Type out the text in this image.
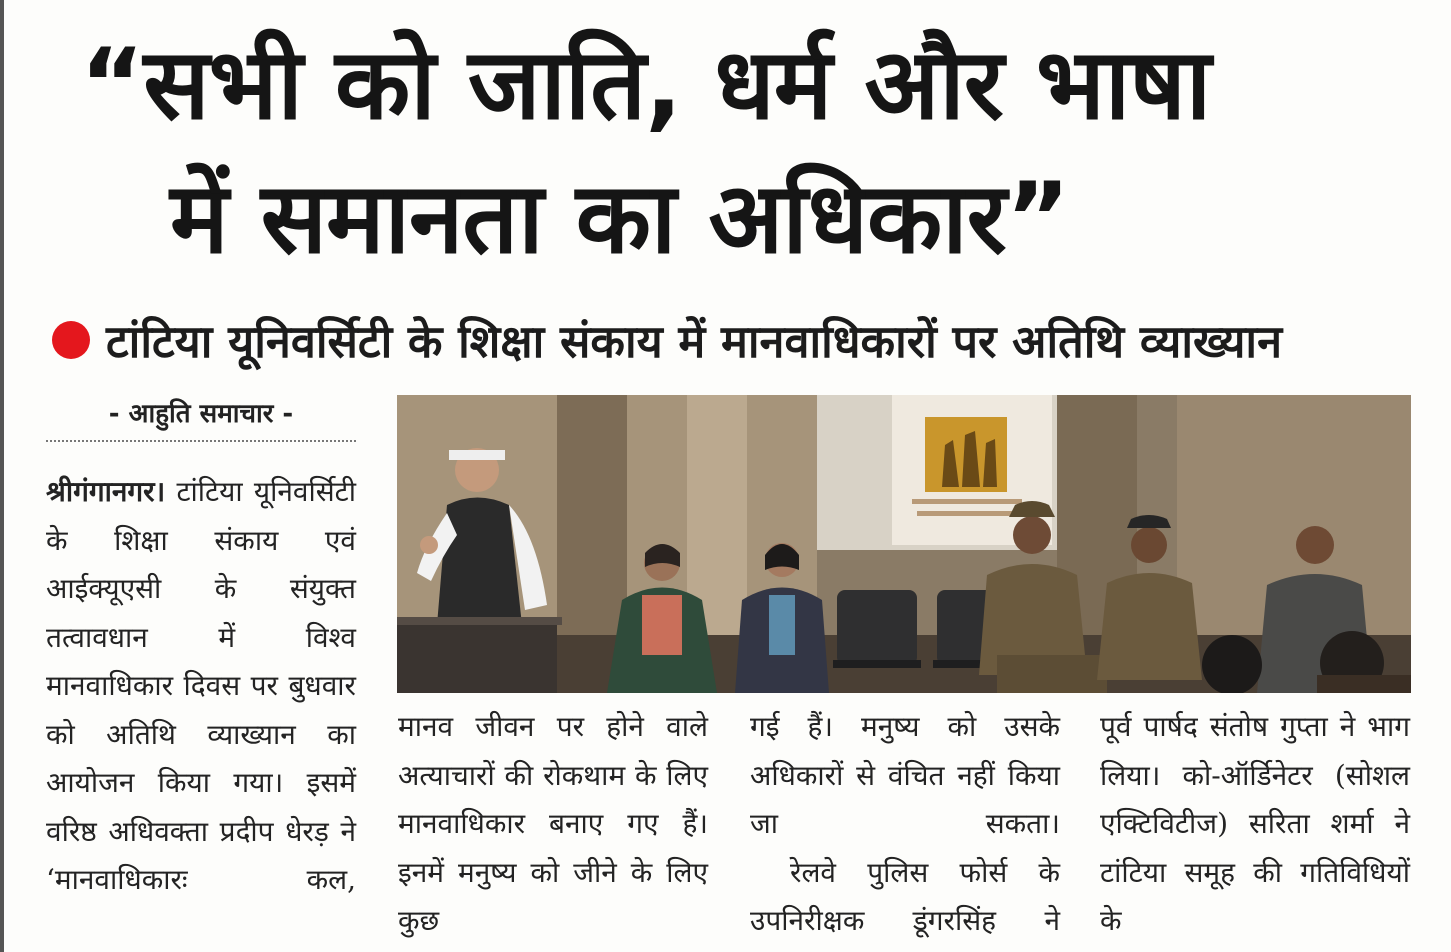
“सभी को जाति, धर्म और भाषा
में समानता का अधिकार”
टांटिया यूनिवर्सिटी के शिक्षा संकाय में मानवाधिकारों पर अतिथि व्याख्यान
- आहुति समाचार -

श्रीगंगानगर। टांटिया यूनिवर्सिटी के शिक्षा संकाय एवं आईक्यूएसी के संयुक्त तत्वावधान में विश्व मानवाधिकार दिवस पर बुधवार को अतिथि व्याख्यान का आयोजन किया गया। इसमें वरिष्ठ अधिवक्ता प्रदीप धेरड़ ने ‘मानवाधिकारः कल,

मानव जीवन पर होने वाले अत्याचारों की रोकथाम के लिए मानवाधिकार बनाए गए हैं। इनमें मनुष्य को जीने के लिए कुछ

गई हैं। मनुष्य को उसके अधिकारों से वंचित नहीं किया जा सकता।

रेलवे पुलिस फोर्स के उपनिरीक्षक डूंगरसिंह ने

पूर्व पार्षद संतोष गुप्ता ने भाग लिया। को-ऑर्डिनेटर (सोशल एक्टिविटीज) सरिता शर्मा ने टांटिया समूह की गतिविधियों के
